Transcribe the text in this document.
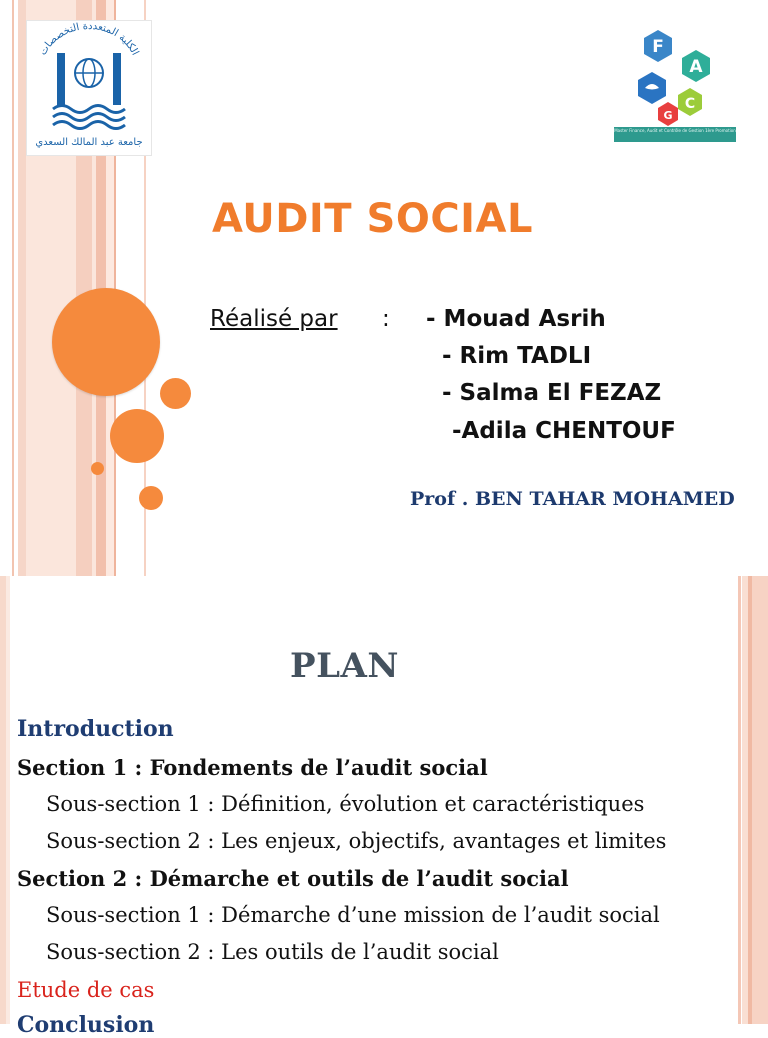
الكلية المتعددة التخصصات
جامعة عبد المالك السعدي
F
A
C
G
Master Finance, Audit et Contrôle de Gestion 1ère Promotion
AUDIT SOCIAL

Réalisé par : - Mouad Asrih

- Rim TADLI

- Salma El FEZAZ

-Adila CHENTOUF

Prof . BEN TAHAR MOHAMED

PLAN

Introduction

Section 1 : Fondements de l’audit social

Sous-section 1 : Définition, évolution et caractéristiques

Sous-section 2 : Les enjeux, objectifs, avantages et limites

Section 2 : Démarche et outils de l’audit social

Sous-section 1 : Démarche d’une mission de l’audit social

Sous-section 2 : Les outils de l’audit social

Etude de cas

Conclusion
